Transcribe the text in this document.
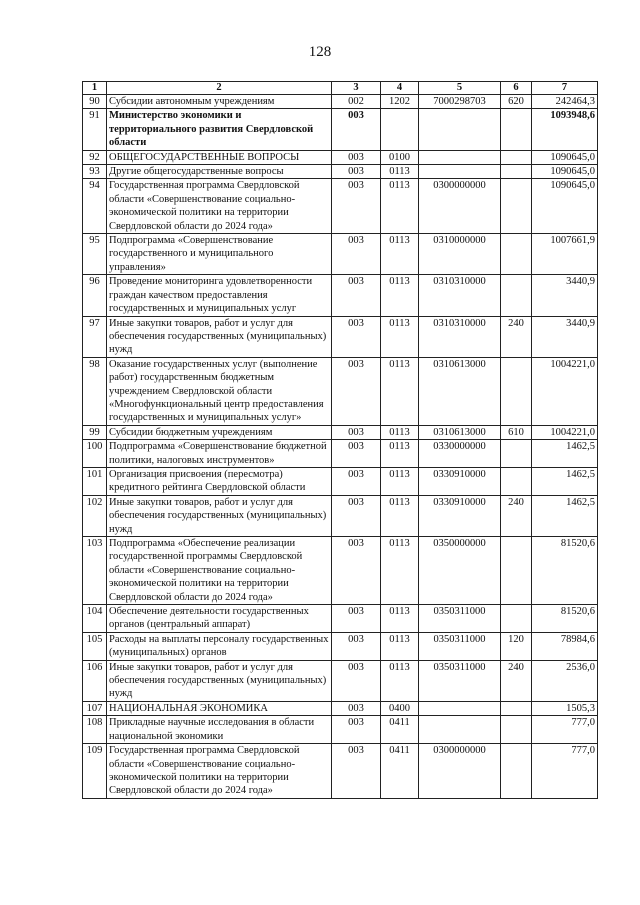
128
1	2	3	4	5	6	7
90	Субсидии автономным учреждениям	002	1202	7000298703	620	242464,3
91	Министерство экономики и территориального развития Свердловской области	003				1093948,6
92	ОБЩЕГОСУДАРСТВЕННЫЕ ВОПРОСЫ	003	0100			1090645,0
93	Другие общегосударственные вопросы	003	0113			1090645,0
94	Государственная программа Свердловской области «Совершенствование социально-экономической политики на территории Свердловской области до 2024 года»	003	0113	0300000000		1090645,0
95	Подпрограмма «Совершенствование государственного и муниципального управления»	003	0113	0310000000		1007661,9
96	Проведение мониторинга удовлетворенности граждан качеством предоставления государственных и муниципальных услуг	003	0113	0310310000		3440,9
97	Иные закупки товаров, работ и услуг для обеспечения государственных (муниципальных) нужд	003	0113	0310310000	240	3440,9
98	Оказание государственных услуг (выполнение работ) государственным бюджетным учреждением Свердловской области «Многофункциональный центр предоставления государственных и муниципальных услуг»	003	0113	0310613000		1004221,0
99	Субсидии бюджетным учреждениям	003	0113	0310613000	610	1004221,0
100	Подпрограмма «Совершенствование бюджетной политики, налоговых инструментов»	003	0113	0330000000		1462,5
101	Организация присвоения (пересмотра) кредитного рейтинга Свердловской области	003	0113	0330910000		1462,5
102	Иные закупки товаров, работ и услуг для обеспечения государственных (муниципальных) нужд	003	0113	0330910000	240	1462,5
103	Подпрограмма «Обеспечение реализации государственной программы Свердловской области «Совершенствование социально-экономической политики на территории Свердловской области до 2024 года»	003	0113	0350000000		81520,6
104	Обеспечение деятельности государственных органов (центральный аппарат)	003	0113	0350311000		81520,6
105	Расходы на выплаты персоналу государственных (муниципальных) органов	003	0113	0350311000	120	78984,6
106	Иные закупки товаров, работ и услуг для обеспечения государственных (муниципальных) нужд	003	0113	0350311000	240	2536,0
107	НАЦИОНАЛЬНАЯ ЭКОНОМИКА	003	0400			1505,3
108	Прикладные научные исследования в области национальной экономики	003	0411			777,0
109	Государственная программа Свердловской области «Совершенствование социально-экономической политики на территории Свердловской области до 2024 года»	003	0411	0300000000		777,0
